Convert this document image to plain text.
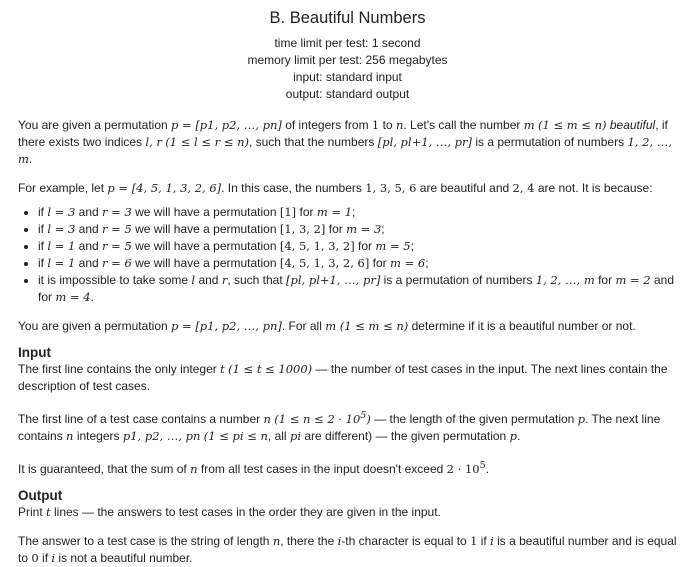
B. Beautiful Numbers
time limit per test: 1 second
memory limit per test: 256 megabytes
input: standard input
output: standard output

You are given a permutation p = [p1, p2, …, pn] of integers from 1 to n. Let's call the number m (1 ≤ m ≤ n) beautiful, if there exists two indices l, r (1 ≤ l ≤ r ≤ n), such that the numbers [pl, pl+1, …, pr] is a permutation of numbers 1, 2, …, m.

For example, let p = [4, 5, 1, 3, 2, 6]. In this case, the numbers 1, 3, 5, 6 are beautiful and 2, 4 are not. It is because:

• if l = 3 and r = 3 we will have a permutation [1] for m = 1;
• if l = 3 and r = 5 we will have a permutation [1, 3, 2] for m = 3;
• if l = 1 and r = 5 we will have a permutation [4, 5, 1, 3, 2] for m = 5;
• if l = 1 and r = 6 we will have a permutation [4, 5, 1, 3, 2, 6] for m = 6;
• it is impossible to take some l and r, such that [pl, pl+1, …, pr] is a permutation of numbers 1, 2, …, m for m = 2 and for m = 4.

You are given a permutation p = [p1, p2, …, pn]. For all m (1 ≤ m ≤ n) determine if it is a beautiful number or not.

Input

The first line contains the only integer t (1 ≤ t ≤ 1000) — the number of test cases in the input. The next lines contain the description of test cases.

The first line of a test case contains a number n $(1 \le n \le 2 \cdot 10^5)$ — the length of the given permutation p. The next line contains n integers p1, p2, …, pn (1 ≤ pi ≤ n, all pi are different) — the given permutation p.

It is guaranteed, that the sum of n from all test cases in the input doesn't exceed $2 \cdot 10^5$.

Output

Print t lines — the answers to test cases in the order they are given in the input.

The answer to a test case is the string of length n, there the i-th character is equal to 1 if i is a beautiful number and is equal to 0 if i is not a beautiful number.
